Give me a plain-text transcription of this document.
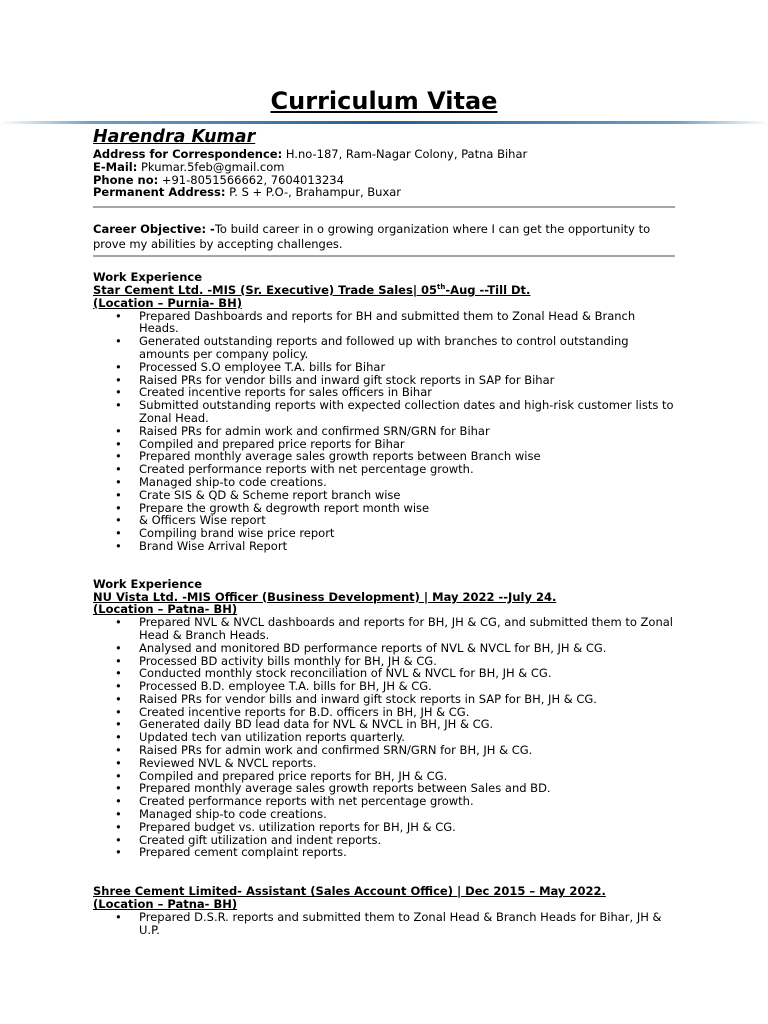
Curriculum Vitae
Harendra Kumar
Address for Correspondence: H.no-187, Ram-Nagar Colony, Patna Bihar
E-Mail: Pkumar.5feb@gmail.com
Phone no: +91-8051566662, 7604013234
Permanent Address: P. S + P.O-, Brahampur, Buxar
Career Objective: -To build career in o growing organization where I can get the opportunity to prove my abilities by accepting challenges.
Work Experience
Star Cement Ltd. -MIS (Sr. Executive) Trade Sales| 05th-Aug --Till Dt.
(Location – Purnia- BH)
• Prepared Dashboards and reports for BH and submitted them to Zonal Head & Branch Heads.
• Generated outstanding reports and followed up with branches to control outstanding amounts per company policy.
• Processed S.O employee T.A. bills for Bihar
• Raised PRs for vendor bills and inward gift stock reports in SAP for Bihar
• Created incentive reports for sales officers in Bihar
• Submitted outstanding reports with expected collection dates and high-risk customer lists to Zonal Head.
• Raised PRs for admin work and confirmed SRN/GRN for Bihar
• Compiled and prepared price reports for Bihar
• Prepared monthly average sales growth reports between Branch wise
• Created performance reports with net percentage growth.
• Managed ship-to code creations.
• Crate SIS & QD & Scheme report branch wise
• Prepare the growth & degrowth report month wise
• & Officers Wise report
• Compiling brand wise price report
• Brand Wise Arrival Report
Work Experience
NU Vista Ltd. -MIS Officer (Business Development) | May 2022 --July 24.
(Location – Patna- BH)
• Prepared NVL & NVCL dashboards and reports for BH, JH & CG, and submitted them to Zonal Head & Branch Heads.
• Analysed and monitored BD performance reports of NVL & NVCL for BH, JH & CG.
• Processed BD activity bills monthly for BH, JH & CG.
• Conducted monthly stock reconciliation of NVL & NVCL for BH, JH & CG.
• Processed B.D. employee T.A. bills for BH, JH & CG.
• Raised PRs for vendor bills and inward gift stock reports in SAP for BH, JH & CG.
• Created incentive reports for B.D. officers in BH, JH & CG.
• Generated daily BD lead data for NVL & NVCL in BH, JH & CG.
• Updated tech van utilization reports quarterly.
• Raised PRs for admin work and confirmed SRN/GRN for BH, JH & CG.
• Reviewed NVL & NVCL reports.
• Compiled and prepared price reports for BH, JH & CG.
• Prepared monthly average sales growth reports between Sales and BD.
• Created performance reports with net percentage growth.
• Managed ship-to code creations.
• Prepared budget vs. utilization reports for BH, JH & CG.
• Created gift utilization and indent reports.
• Prepared cement complaint reports.
Shree Cement Limited- Assistant (Sales Account Office) | Dec 2015 – May 2022.
(Location – Patna- BH)
• Prepared D.S.R. reports and submitted them to Zonal Head & Branch Heads for Bihar, JH & U.P.
